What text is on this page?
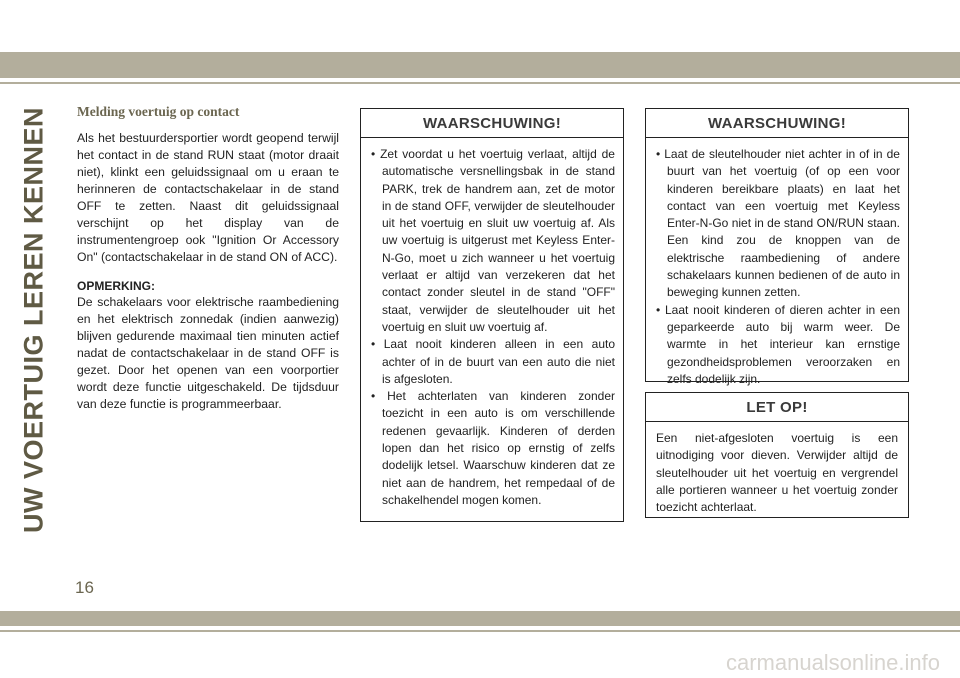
UW VOERTUIG LEREN KENNEN Melding voertuig op contact

Als het bestuurdersportier wordt geopend terwijl het contact in de stand RUN staat (motor draait niet), klinkt een geluidssignaal om u eraan te herinneren de contactschakelaar in de stand OFF te zetten. Naast dit geluidssignaal verschijnt op het display van de instrumentengroep ook "Ignition Or Accessory On" (contactschakelaar in de stand ON of ACC).

OPMERKING:

De schakelaars voor elektrische raambediening en het elektrisch zonnedak (indien aanwezig) blijven gedurende maximaal tien minuten actief nadat de contactschakelaar in de stand OFF is gezet. Door het openen van een voorportier wordt deze functie uitgeschakeld. De tijdsduur van deze functie is programmeerbaar.

WAARSCHUWING!
• Zet voordat u het voertuig verlaat, altijd de automatische versnellingsbak in de stand PARK, trek de handrem aan, zet de motor in de stand OFF, verwijder de sleutelhouder uit het voertuig en sluit uw voertuig af. Als uw voertuig is uitgerust met Keyless Enter-N-Go, moet u zich wanneer u het voertuig verlaat er altijd van verzekeren dat het contact zonder sleutel in de stand "OFF" staat, verwijder de sleutelhouder uit het voertuig en sluit uw voertuig af.
• Laat nooit kinderen alleen in een auto achter of in de buurt van een auto die niet is afgesloten.
• Het achterlaten van kinderen zonder toezicht in een auto is om verschillende redenen gevaarlijk. Kinderen of derden lopen dan het risico op ernstig of zelfs dodelijk letsel. Waarschuw kinderen dat ze niet aan de handrem, het rempedaal of de schakelhendel mogen komen.
WAARSCHUWING!
• Laat de sleutelhouder niet achter in of in de buurt van het voertuig (of op een voor kinderen bereikbare plaats) en laat het contact van een voertuig met Keyless Enter-N-Go niet in de stand ON/RUN staan. Een kind zou de knoppen van de elektrische raambediening of andere schakelaars kunnen bedienen of de auto in beweging kunnen zetten.
• Laat nooit kinderen of dieren achter in een geparkeerde auto bij warm weer. De warmte in het interieur kan ernstige gezondheidsproblemen veroorzaken en zelfs dodelijk zijn.
LET OP!

Een niet-afgesloten voertuig is een uitnodiging voor dieven. Verwijder altijd de sleutelhouder uit het voertuig en vergrendel alle portieren wanneer u het voertuig zonder toezicht achterlaat.

16
carmanualsonline.info
